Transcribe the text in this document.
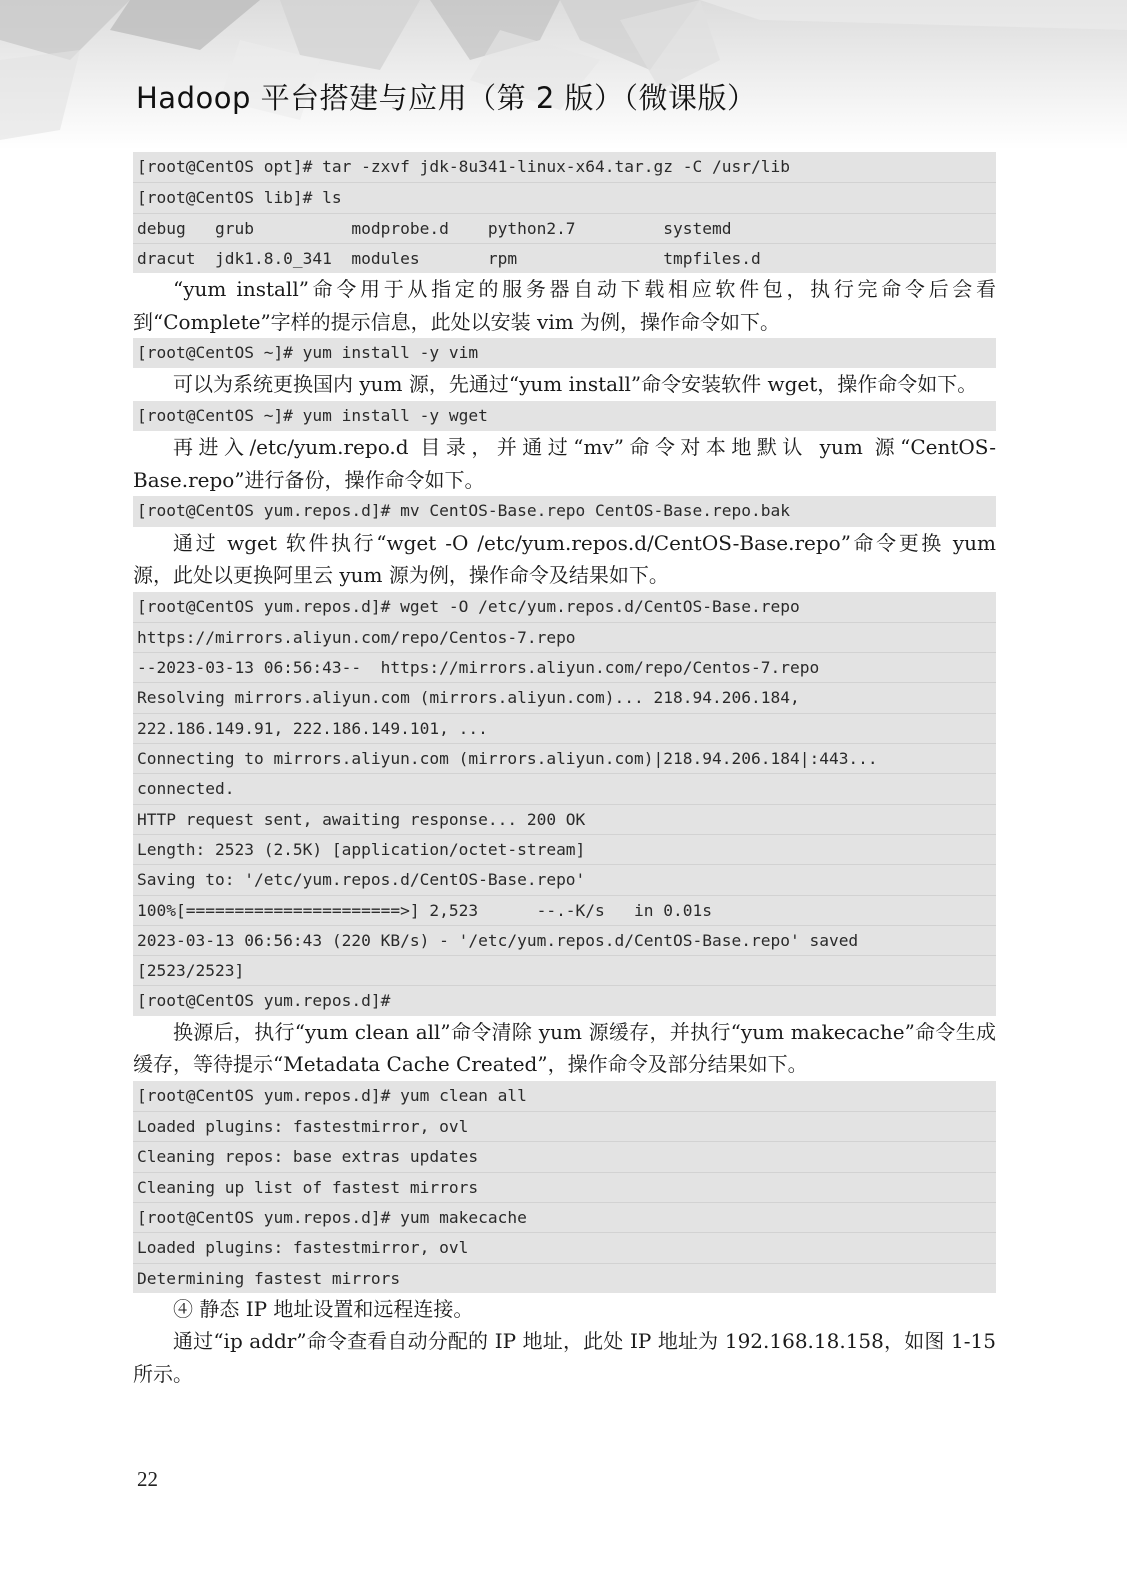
Hadoop 平台搭建与应用（第 2 版）（微课版）
[root@CentOS opt]# tar -zxvf jdk-8u341-linux-x64.tar.gz -C /usr/lib
[root@CentOS lib]# ls
debug   grub          modprobe.d    python2.7         systemd
dracut  jdk1.8.0_341  modules       rpm               tmpfiles.d

“yum install”命令用于从指定的服务器自动下载相应软件包，执行完命令后会看到“Complete”字样的提示信息，此处以安装 vim 为例，操作命令如下。

[root@CentOS ~]# yum install -y vim

可以为系统更换国内 yum 源，先通过“yum install”命令安装软件 wget，操作命令如下。

[root@CentOS ~]# yum install -y wget

再进入/etc/yum.repo.d 目录，并通过“mv”命令对本地默认 yum 源“CentOS-Base.repo”进行备份，操作命令如下。

[root@CentOS yum.repos.d]# mv CentOS-Base.repo CentOS-Base.repo.bak

通过 wget 软件执行“wget -O /etc/yum.repos.d/CentOS-Base.repo”命令更换 yum 源，此处以更换阿里云 yum 源为例，操作命令及结果如下。

[root@CentOS yum.repos.d]# wget -O /etc/yum.repos.d/CentOS-Base.repo
https://mirrors.aliyun.com/repo/Centos-7.repo
--2023-03-13 06:56:43--  https://mirrors.aliyun.com/repo/Centos-7.repo
Resolving mirrors.aliyun.com (mirrors.aliyun.com)... 218.94.206.184,
222.186.149.91, 222.186.149.101, ...
Connecting to mirrors.aliyun.com (mirrors.aliyun.com)|218.94.206.184|:443...
connected.
HTTP request sent, awaiting response... 200 OK
Length: 2523 (2.5K) [application/octet-stream]
Saving to: '/etc/yum.repos.d/CentOS-Base.repo'
100%[======================>] 2,523      --.-K/s   in 0.01s
2023-03-13 06:56:43 (220 KB/s) - '/etc/yum.repos.d/CentOS-Base.repo' saved
[2523/2523]
[root@CentOS yum.repos.d]#

换源后，执行“yum clean all”命令清除 yum 源缓存，并执行“yum makecache”命令生成缓存，等待提示“Metadata Cache Created”，操作命令及部分结果如下。

[root@CentOS yum.repos.d]# yum clean all
Loaded plugins: fastestmirror, ovl
Cleaning repos: base extras updates
Cleaning up list of fastest mirrors
[root@CentOS yum.repos.d]# yum makecache
Loaded plugins: fastestmirror, ovl
Determining fastest mirrors

④ 静态 IP 地址设置和远程连接。

通过“ip addr”命令查看自动分配的 IP 地址，此处 IP 地址为 192.168.18.158，如图 1-15 所示。

22
